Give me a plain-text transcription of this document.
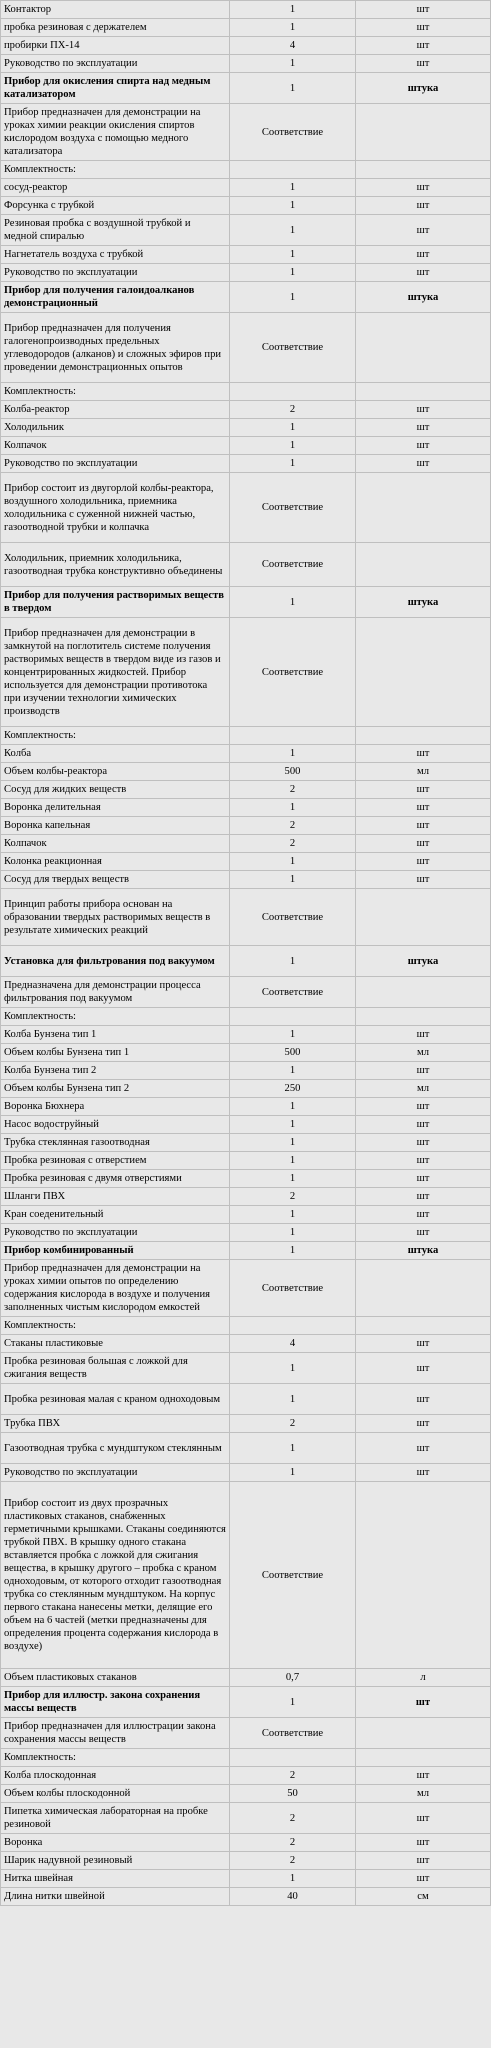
Контактор	1	шт
пробка резиновая с держателем	1	шт
пробирки ПХ-14	4	шт
Руководство по эксплуатации	1	шт
Прибор для окисления спирта над медным катализатором	1	штука
Прибор предназначен для демонстрации на уроках химии реакции окисления спиртов кислородом воздуха с помощью медного катализатора	Соответствие	
Комплектность:		
сосуд-реактор	1	шт
Форсунка с трубкой	1	шт
Резиновая пробка с воздушной трубкой и медной спиралью	1	шт
Нагнетатель воздуха с трубкой	1	шт
Руководство по эксплуатации	1	шт
Прибор для получения галоидоалканов демонстрационный	1	штука
Прибор предназначен для получения галогенопроизводных предельных углеводородов (алканов) и сложных эфиров при проведении демонстрационных опытов	Соответствие	
Комплектность:		
Колба-реактор	2	шт
Холодильник	1	шт
Колпачок	1	шт
Руководство по эксплуатации	1	шт
Прибор состоит из двугорлой колбы-реактора, воздушного холодильника, приемника холодильника с суженной нижней частью, газоотводной трубки и колпачка	Соответствие	
Холодильник, приемник холодильника, газоотводная трубка конструктивно объединены	Соответствие	
Прибор для получения растворимых веществ в твердом	1	штука
Прибор предназначен для демонстрации в замкнутой на поглотитель системе получения растворимых веществ в твердом виде из газов и концентрированных жидкостей. Прибор используется для демонстрации противотока при изучении технологии химических производств	Соответствие	
Комплектность:		
Колба	1	шт
Объем колбы-реактора	500	мл
Сосуд для жидких веществ	2	шт
Воронка делительная	1	шт
Воронка капельная	2	шт
Колпачок	2	шт
Колонка реакционная	1	шт
Сосуд для твердых веществ	1	шт
Принцип работы прибора основан на образовании твердых растворимых веществ в результате химических реакций	Соответствие	
Установка для фильтрования под вакуумом	1	штука
Предназначена для демонстрации процесса фильтрования под вакуумом	Соответствие	
Комплектность:		
Колба Бунзена тип 1	1	шт
Объем колбы Бунзена тип 1	500	мл
Колба Бунзена тип 2	1	шт
Объем колбы Бунзена тип 2	250	мл
Воронка Бюхнера	1	шт
Насос водоструйный	1	шт
Трубка стеклянная газоотводная	1	шт
Пробка резиновая с отверстием	1	шт
Пробка резиновая с двумя отверстиями	1	шт
Шланги ПВХ	2	шт
Кран соеденительный	1	шт
Руководство по эксплуатации	1	шт
Прибор комбинированный	1	штука
Прибор предназначен для демонстрации на уроках химии опытов по определению содержания кислорода в воздухе и получения заполненных чистым кислородом емкостей	Соответствие	
Комплектность:		
Стаканы пластиковые	4	шт
Пробка резиновая большая с ложкой для сжигания веществ	1	шт
Пробка резиновая малая с краном одноходовым	1	шт
Трубка ПВХ	2	шт
Газоотводная трубка с мундштуком стеклянным	1	шт
Руководство по эксплуатации	1	шт
Прибор состоит из двух прозрачных пластиковых стаканов, снабженных герметичными крышками. Стаканы соединяются трубкой ПВХ. В крышку одного стакана вставляется пробка с ложкой для сжигания вещества, в крышку другого – пробка с краном одноходовым, от которого отходит газоотводная трубка со стеклянным мундштуком. На корпус первого стакана нанесены метки, делящие его объем на 6 частей (метки предназначены для определения процента содержания кислорода в воздухе)	Соответствие	
Объем пластиковых стаканов	0,7	л
Прибор для иллюстр. закона сохранения массы веществ	1	шт
Прибор предназначен для иллюстрации закона сохранения массы веществ	Соответствие	
Комплектность:		
Колба плоскодонная	2	шт
Объем колбы плоскодонной	50	мл
Пипетка химическая лабораторная на пробке резиновой	2	шт
Воронка	2	шт
Шарик надувной резиновый	2	шт
Нитка швейная	1	шт
Длина нитки швейной	40	см
